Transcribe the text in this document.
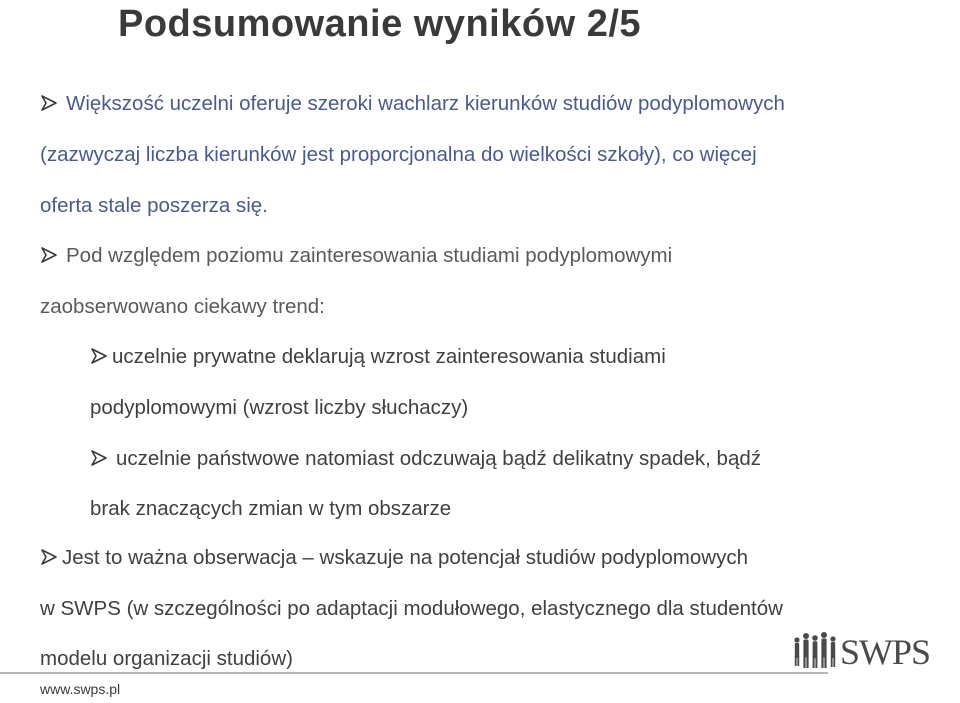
Podsumowanie wyników 2/5
Większość uczelni oferuje szeroki wachlarz kierunków studiów podyplomowych
(zazwyczaj liczba kierunków jest proporcjonalna do wielkości szkoły), co więcej
oferta stale poszerza się.
Pod względem poziomu zainteresowania studiami podyplomowymi
zaobserwowano ciekawy trend:
uczelnie prywatne deklarują wzrost zainteresowania studiami
podyplomowymi (wzrost liczby słuchaczy)
uczelnie państwowe natomiast odczuwają bądź delikatny spadek, bądź
brak znaczących zmian w tym obszarze
Jest to ważna obserwacja – wskazuje na potencjał studiów podyplomowych
w SWPS (w szczególności po adaptacji modułowego, elastycznego dla studentów
modelu organizacji studiów)	SWPS
www.swps.pl
